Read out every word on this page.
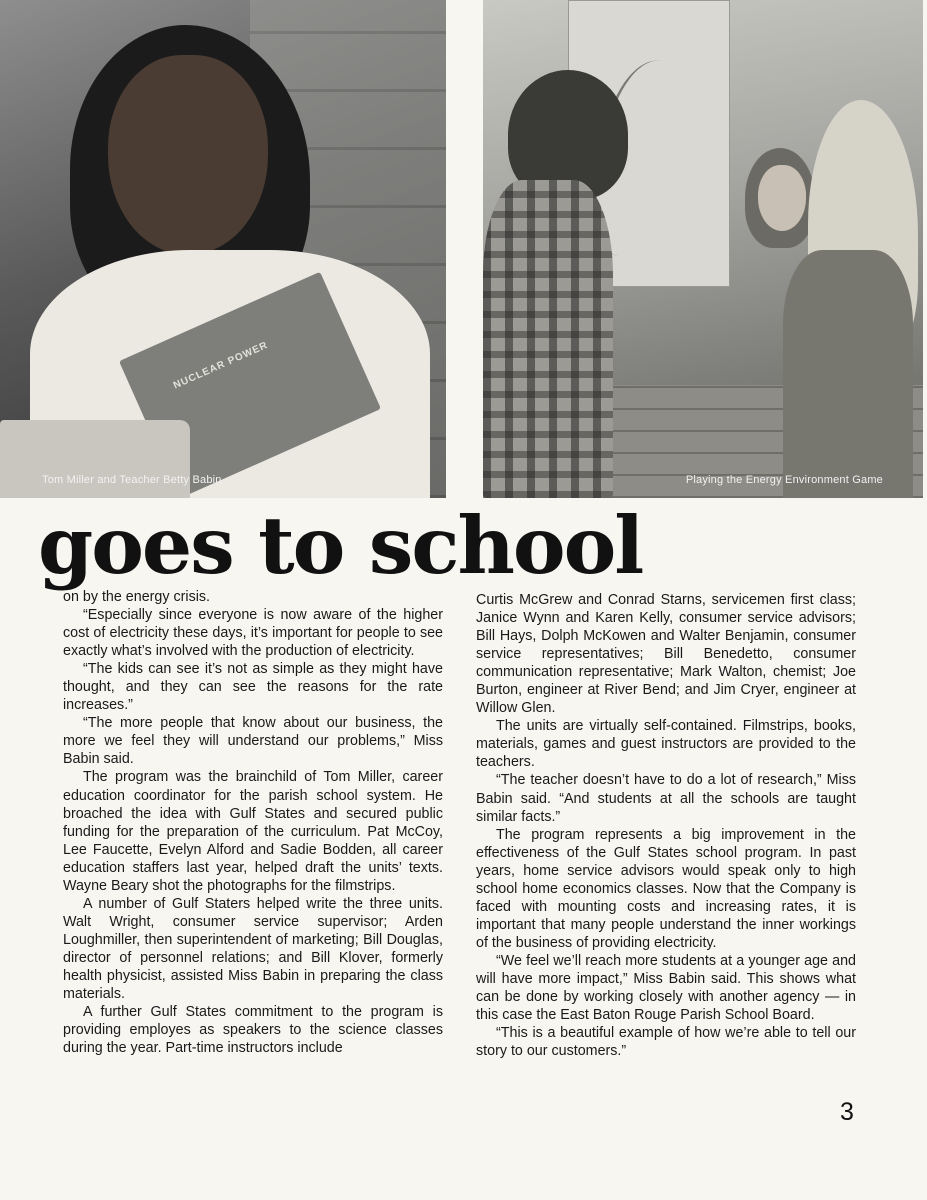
NUCLEAR POWER
Tom Miller and Teacher Betty Babin	Playing the Energy Environment Game
goes to school

on by the energy crisis.

“Especially since everyone is now aware of the higher cost of electricity these days, it’s important for people to see exactly what’s involved with the production of electricity.

“The kids can see it’s not as simple as they might have thought, and they can see the reasons for the rate increases.”

“The more people that know about our business, the more we feel they will understand our problems,” Miss Babin said.

The program was the brainchild of Tom Miller, career education coordinator for the parish school system. He broached the idea with Gulf States and secured public funding for the preparation of the curriculum. Pat McCoy, Lee Faucette, Evelyn Alford and Sadie Bodden, all career education staffers last year, helped draft the units’ texts. Wayne Beary shot the photographs for the filmstrips.

A number of Gulf Staters helped write the three units. Walt Wright, consumer service supervisor; Arden Loughmiller, then superintendent of marketing; Bill Douglas, director of personnel relations; and Bill Klover, formerly health physicist, assisted Miss Babin in preparing the class materials.

A further Gulf States commitment to the program is providing employes as speakers to the science classes during the year. Part-time instructors include

Curtis McGrew and Conrad Starns, servicemen first class; Janice Wynn and Karen Kelly, consumer service advisors; Bill Hays, Dolph McKowen and Walter Benjamin, consumer service representatives; Bill Benedetto, consumer communication representative; Mark Walton, chemist; Joe Burton, engineer at River Bend; and Jim Cryer, engineer at Willow Glen.

The units are virtually self-contained. Filmstrips, books, materials, games and guest instructors are provided to the teachers.

“The teacher doesn’t have to do a lot of research,” Miss Babin said. “And students at all the schools are taught similar facts.”

The program represents a big improvement in the effectiveness of the Gulf States school program. In past years, home service advisors would speak only to high school home economics classes. Now that the Company is faced with mounting costs and increasing rates, it is important that many people understand the inner workings of the business of providing electricity.

“We feel we’ll reach more students at a younger age and will have more impact,” Miss Babin said. This shows what can be done by working closely with another agency — in this case the East Baton Rouge Parish School Board.

“This is a beautiful example of how we’re able to tell our story to our customers.”

3
